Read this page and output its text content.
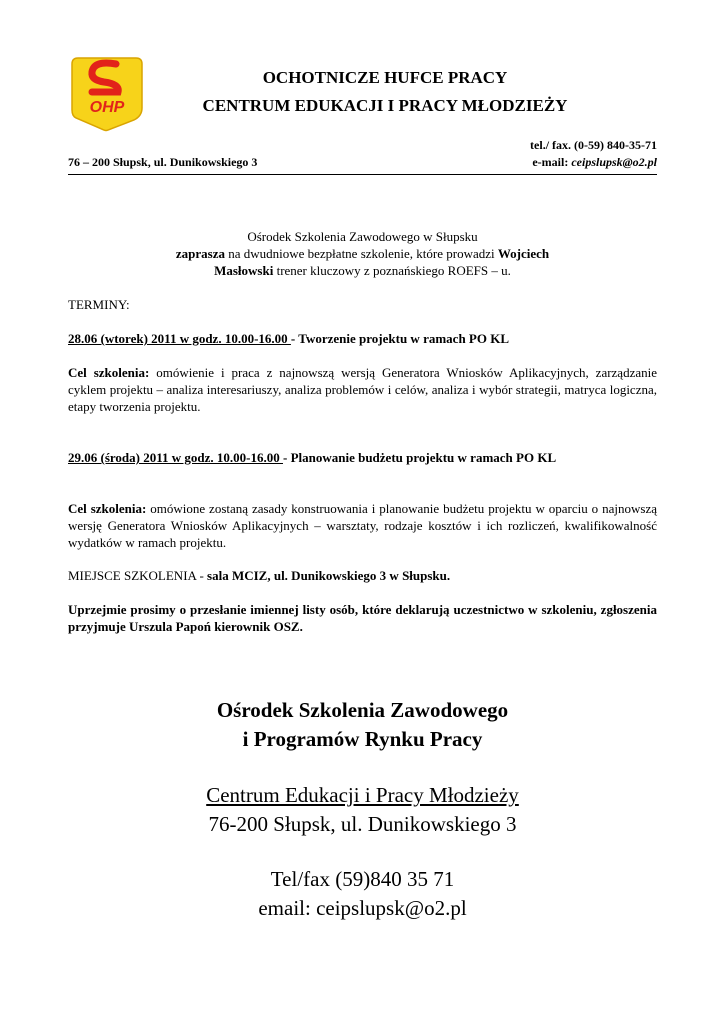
OHP
OCHOTNICZE HUFCE PRACY
CENTRUM EDUKACJI I PRACY MŁODZIEŻY
tel./ fax. (0-59) 840-35-71
76 – 200 Słupsk, ul. Dunikowskiego 3	e-mail: ceipslupsk@o2.pl
Ośrodek Szkolenia Zawodowego w Słupsku
zaprasza na dwudniowe bezpłatne szkolenie, które prowadzi Wojciech
Masłowski trener kluczowy z poznańskiego ROEFS – u.
TERMINY:
28.06 (wtorek) 2011 w godz. 10.00-16.00 - Tworzenie projektu w ramach PO KL
Cel szkolenia: omówienie i praca z najnowszą wersją Generatora Wniosków Aplikacyjnych, zarządzanie cyklem projektu – analiza interesariuszy, analiza problemów i celów, analiza i wybór strategii, matryca logiczna, etapy tworzenia projektu.
29.06 (środa) 2011 w godz. 10.00-16.00 - Planowanie budżetu projektu w ramach PO KL
Cel szkolenia: omówione zostaną zasady konstruowania i planowanie budżetu projektu w oparciu o najnowszą wersję Generatora Wniosków Aplikacyjnych – warsztaty, rodzaje kosztów i ich rozliczeń, kwalifikowalność wydatków w ramach projektu.
MIEJSCE SZKOLENIA - sala MCIZ, ul. Dunikowskiego 3 w Słupsku.
Uprzejmie prosimy o przesłanie imiennej listy osób, które deklarują uczestnictwo w szkoleniu, zgłoszenia przyjmuje Urszula Papoń kierownik OSZ.
Ośrodek Szkolenia Zawodowego
i Programów Rynku Pracy
Centrum Edukacji i Pracy Młodzieży
76-200 Słupsk, ul. Dunikowskiego 3
Tel/fax (59)840 35 71
email: ceipslupsk@o2.pl
